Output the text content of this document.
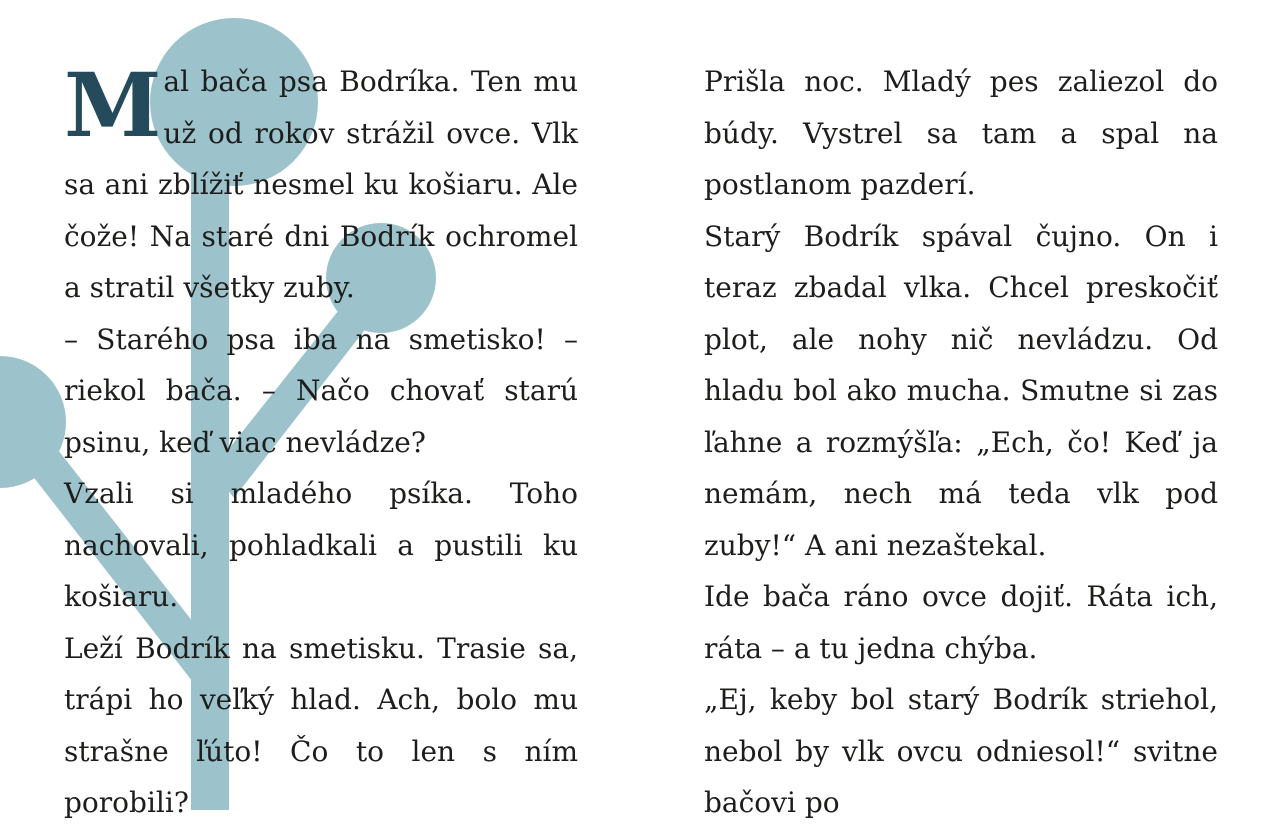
Mal bača psa Bodríka. Ten mu už od rokov strážil ovce. Vlk sa ani zblížiť nesmel ku košiaru. Ale čože! Na staré dni Bodrík ochromel a stratil všetky zuby.

– Starého psa iba na smetisko! – riekol bača. – Načo chovať starú psinu, keď viac nevládze?

Vzali si mladého psíka. Toho nachovali, pohladkali a pustili ku košiaru.

Leží Bodrík na smetisku. Trasie sa, trápi ho veľký hlad. Ach, bolo mu strašne ľúto! Čo to len s ním porobili?

Prišla noc. Mladý pes zaliezol do búdy. Vystrel sa tam a spal na postlanom pazderí.

Starý Bodrík spával čujno. On i teraz zbadal vlka. Chcel preskočiť plot, ale nohy nič nevládzu. Od hladu bol ako mucha. Smutne si zas ľahne a rozmýšľa: „Ech, čo! Keď ja nemám, nech má teda vlk pod zuby!“ A ani nezaštekal.

Ide bača ráno ovce dojiť. Ráta ich, ráta – a tu jedna chýba.

„Ej, keby bol starý Bodrík striehol, nebol by vlk ovcu odniesol!“ svitne bačovi po
